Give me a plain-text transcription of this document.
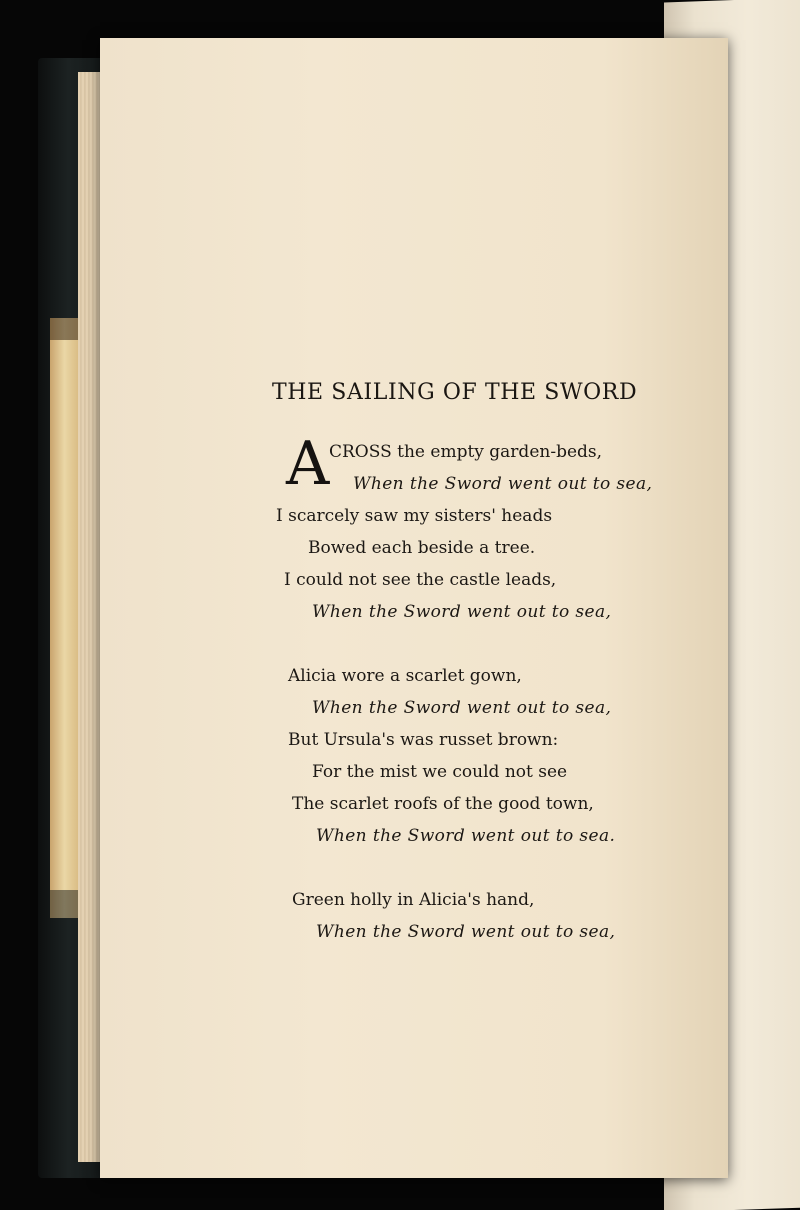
THE SAILING OF THE SWORD
A CROSS the empty garden-beds,
When the Sword went out to sea,
I scarcely saw my sisters' heads
Bowed each beside a tree.
I could not see the castle leads,
When the Sword went out to sea,
Alicia wore a scarlet gown,
When the Sword went out to sea,
But Ursula's was russet brown:
For the mist we could not see
The scarlet roofs of the good town,
When the Sword went out to sea.
Green holly in Alicia's hand,
When the Sword went out to sea,
